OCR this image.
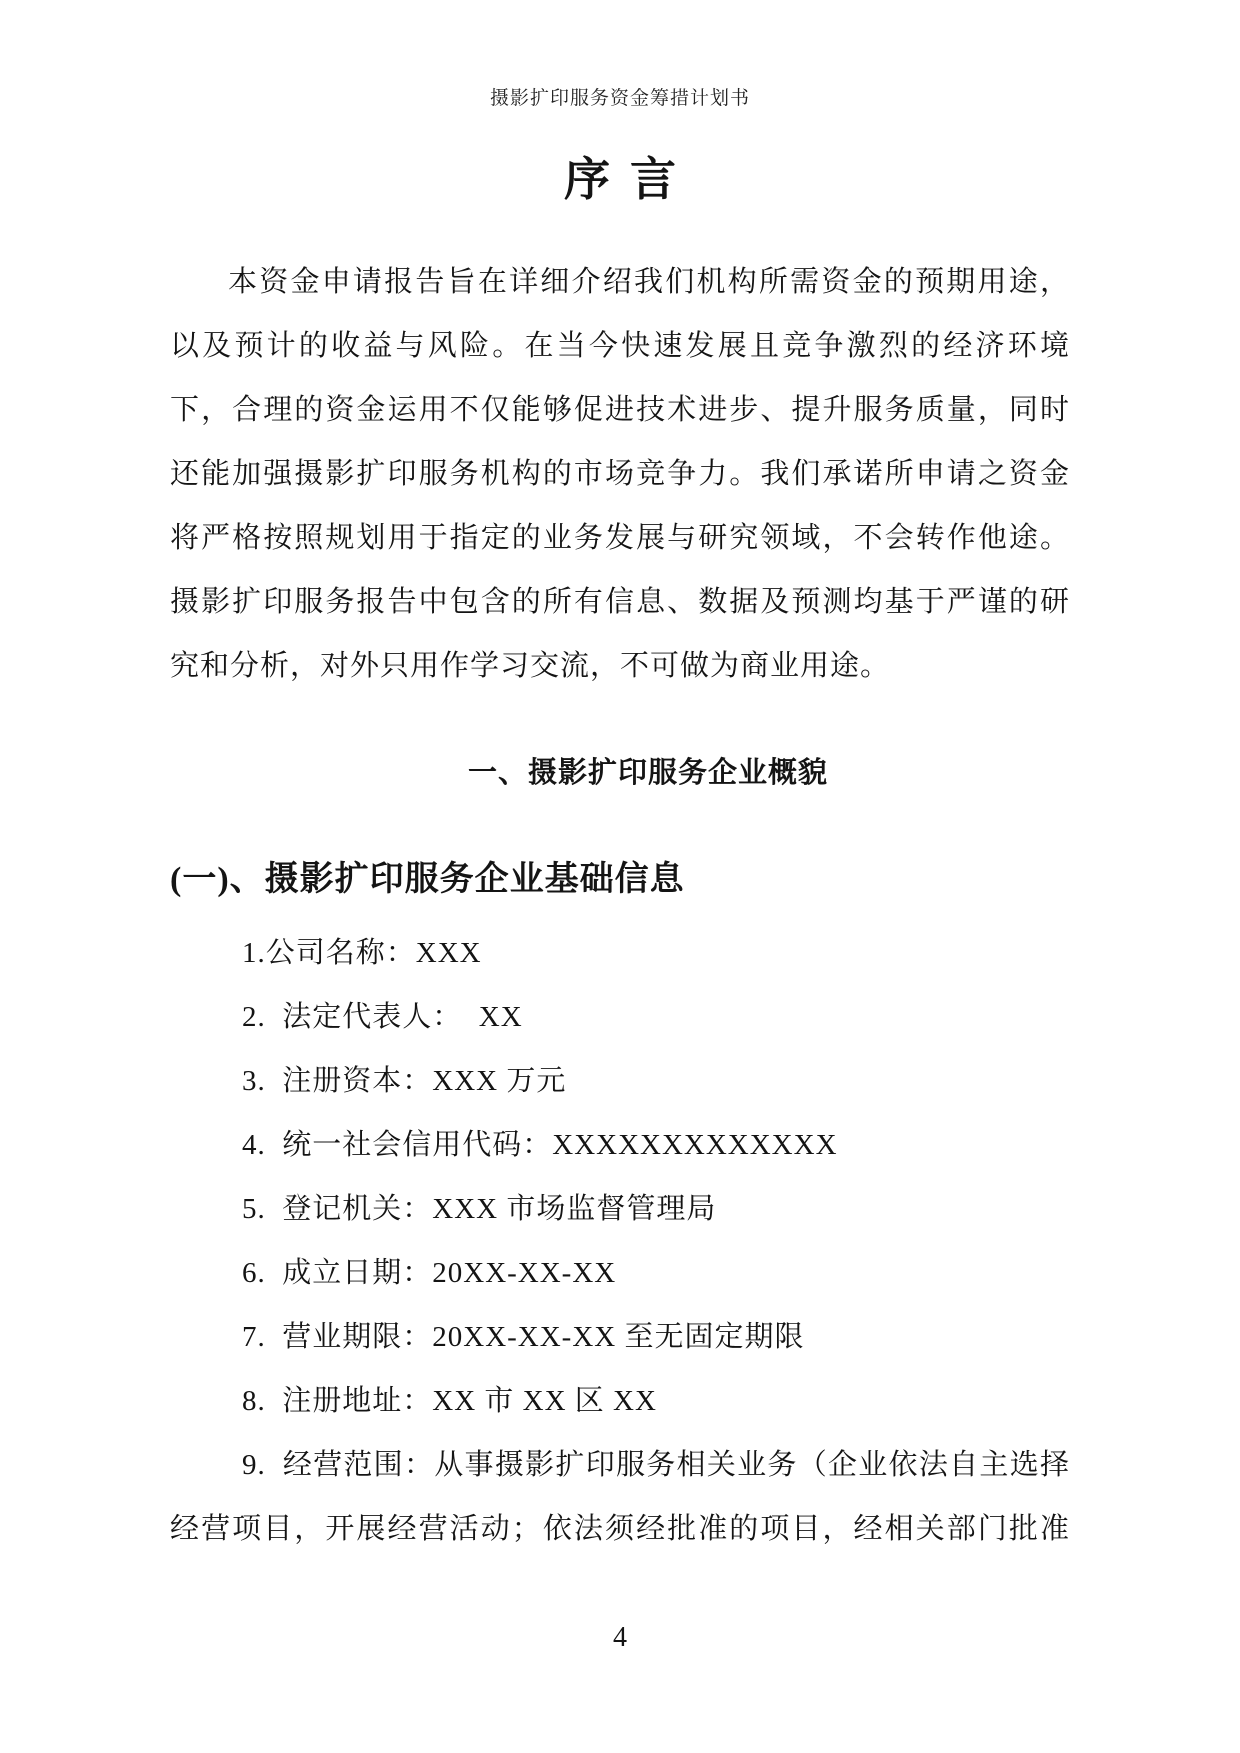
摄影扩印服务资金筹措计划书
序言
本资金申请报告旨在详细介绍我们机构所需资金的预期用途，
以及预计的收益与风险。在当今快速发展且竞争激烈的经济环境
下，合理的资金运用不仅能够促进技术进步、提升服务质量，同时
还能加强摄影扩印服务机构的市场竞争力。我们承诺所申请之资金
将严格按照规划用于指定的业务发展与研究领域，不会转作他途。
摄影扩印服务报告中包含的所有信息、数据及预测均基于严谨的研
究和分析，对外只用作学习交流，不可做为商业用途。
一、摄影扩印服务企业概貌
(一)、摄影扩印服务企业基础信息
1.公司名称：XXX
2.  法定代表人：  XX
3.  注册资本：XXX 万元
4.  统一社会信用代码：XXXXXXXXXXXXX
5.  登记机关：XXX 市场监督管理局
6.  成立日期：20XX-XX-XX
7.  营业期限：20XX-XX-XX 至无固定期限
8.  注册地址：XX 市 XX 区 XX
9.  经营范围：从事摄影扩印服务相关业务（企业依法自主选择
经营项目，开展经营活动；依法须经批准的项目，经相关部门批准
4
